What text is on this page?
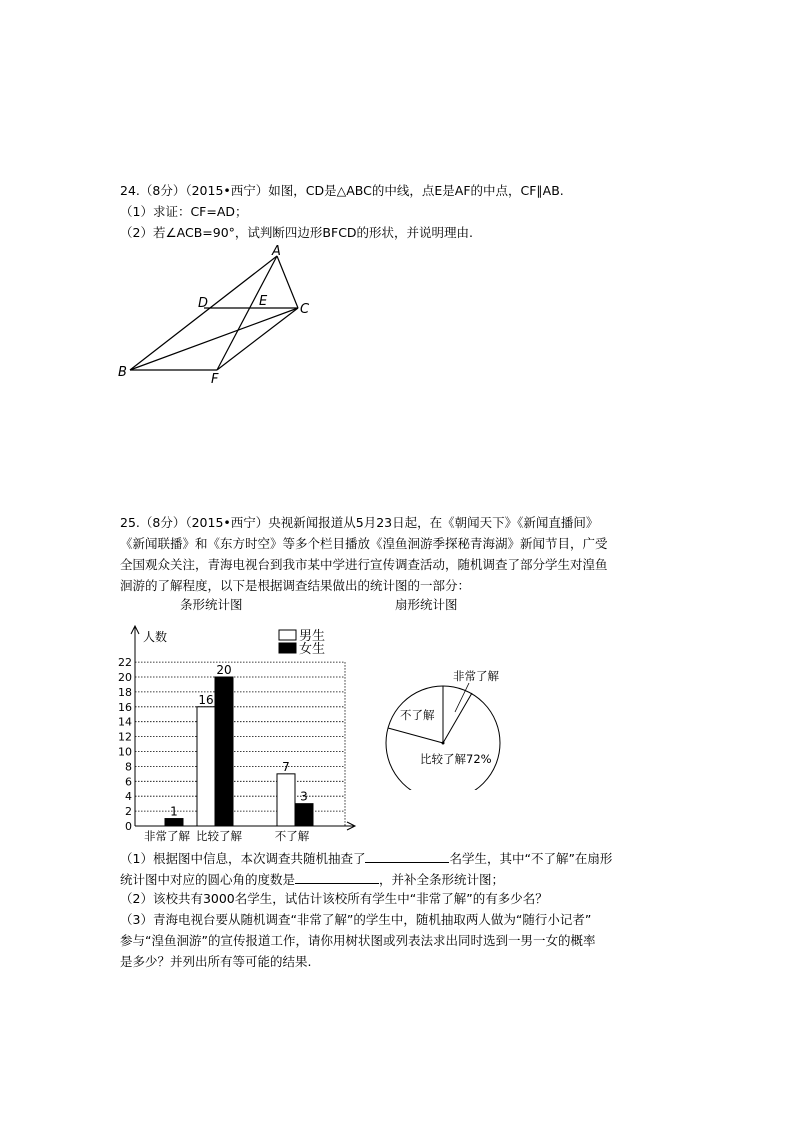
24.（8分）（2015•西宁）如图，CD是△ABC的中线，点E是AF的中点，CF∥AB.
（1）求证：CF=AD；
（2）若∠ACB=90°，试判断四边形BFCD的形状，并说明理由.
A
B
C
D	E
F
25.（8分）（2015•西宁）央视新闻报道从5月23日起，在《朝闻天下》《新闻直播间》
《新闻联播》和《东方时空》等多个栏目播放《湟鱼洄游季探秘青海湖》新闻节目，广受
全国观众关注，青海电视台到我市某中学进行宣传调查活动，随机调查了部分学生对湟鱼
洄游的了解程度，以下是根据调查结果做出的统计图的一部分：
条形统计图	扇形统计图
人数
0
2
4
6
8
10
12
14
16
18
20
22
1
16
20
7
3
非常了解 比较了解	不了解
男生
女生
非常了解
不了解
比较了解72%
（1）根据图中信息，本次调查共随机抽查了	名学生，其中“不了解”在扇形
统计图中对应的圆心角的度数是	，并补全条形统计图；
（2）该校共有3000名学生，试估计该校所有学生中“非常了解”的有多少名？
（3）青海电视台要从随机调查“非常了解”的学生中，随机抽取两人做为“随行小记者”
参与“湟鱼洄游”的宣传报道工作，请你用树状图或列表法求出同时选到一男一女的概率
是多少？并列出所有等可能的结果.
